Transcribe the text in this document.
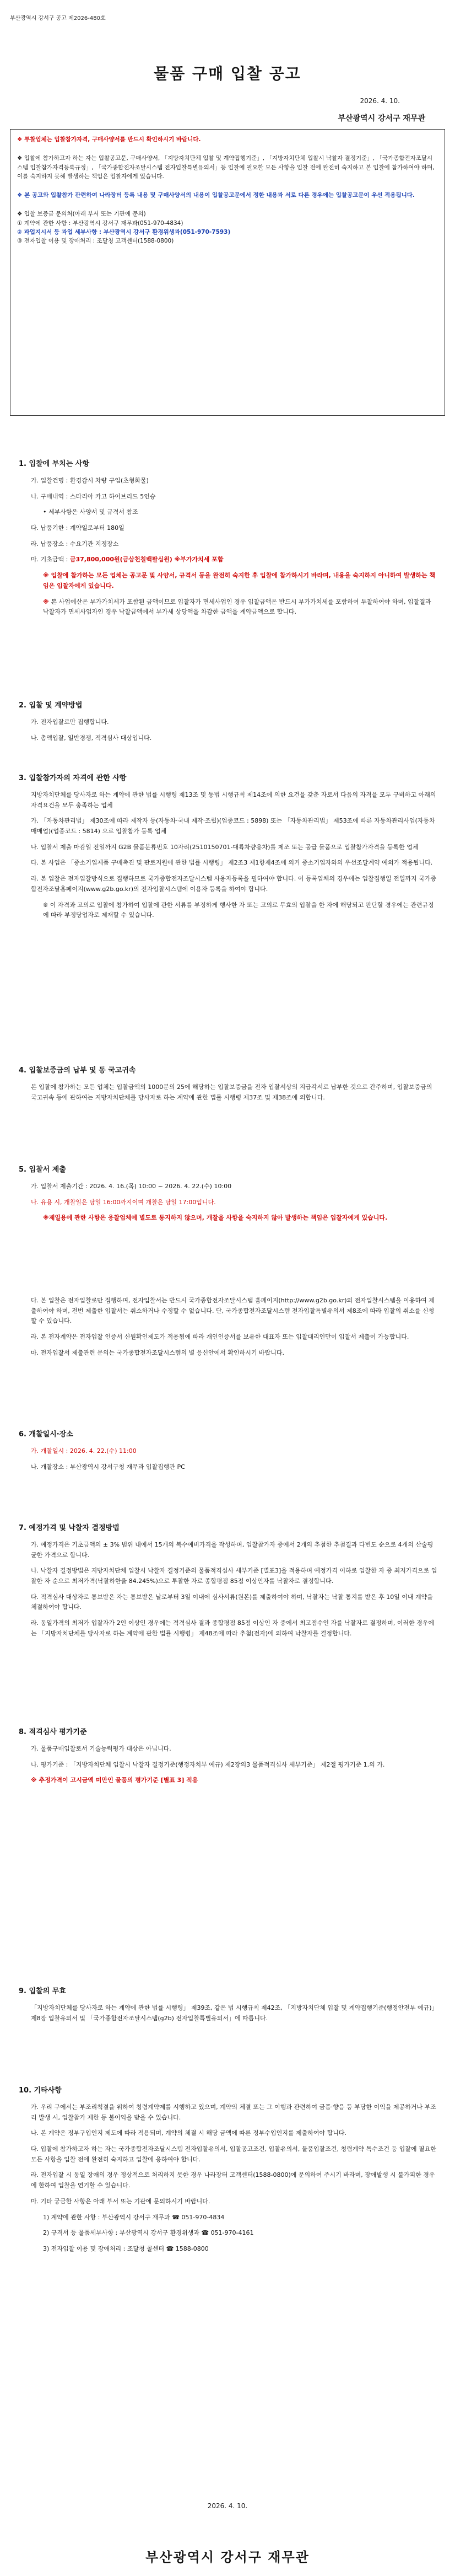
부산광역시 강서구 공고 제2026-480호
물품 구매 입찰 공고
2026. 4. 10.
부산광역시 강서구 재무관

❖ 투찰업체는 입찰참가자격, 구매사양서를 반드시 확인하시기 바랍니다.

❖ 입찰에 참가하고자 하는 자는 입찰공고문, 구매사양서, 「지방자치단체 입찰 및 계약집행기준」, 「지방자치단체 입찰시 낙찰자 결정기준」, 「국가종합전자조달시스템 입찰참가자격등록규정」, 「국가종합전자조달시스템 전자입찰특별유의서」등 입찰에 필요한 모든 사항을 입찰 전에 완전히 숙지하고 본 입찰에 참가하여야 하며, 이를 숙지하지 못해 발생하는 책임은 입찰자에게 있습니다.

❖ 본 공고와 입찰참가 관련하여 나라장터 등록 내용 및 구매사양서의 내용이 입찰공고문에서 정한 내용과 서로 다른 경우에는 입찰공고문이 우선 적용됩니다.

❖ 입찰 보증금 문의처(아래 부서 또는 기관에 문의)
① 계약에 관한 사항 : 부산광역시 강서구 재무과(051-970-4834)
② 과업지시서 등 과업 세부사항 : 부산광역시 강서구 환경위생과(051-970-7593)
③ 전자입찰 이용 및 장애처리 : 조달청 고객센터(1588-0800)

1. 입찰에 부치는 사항

가. 입찰건명 : 환경감시 차량 구입(초형화물)

나. 구매내역 : 스타리아 카고 하이브리드 5인승

• 세부사항은 사양서 및 규격서 참조

다. 납품기한 : 계약일로부터 180일

라. 납품장소 : 수요기관 지정장소

마. 기초금액 : 금37,800,000원(금삼천칠백팔십원) ※부가가치세 포함

※ 입찰에 참가하는 모든 업체는 공고문 및 사양서, 규격서 등을 완전히 숙지한 후 입찰에 참가하시기 바라며, 내용을 숙지하지 아니하여 발생하는 책임은 입찰자에게 있습니다.

※ 본 사업예산은 부가가치세가 포함된 금액이므로 입찰자가 면세사업인 경우 입찰금액은 반드시 부가가치세를 포함하여 투찰하여야 하며, 입찰결과 낙찰자가 면세사업자인 경우 낙찰금액에서 부가세 상당액을 차감한 금액을 계약금액으로 합니다.

2. 입찰 및 계약방법

가. 전자입찰로만 집행합니다.

나. 총액입찰, 일반경쟁, 적격심사 대상입니다.

3. 입찰참가자의 자격에 관한 사항

지방자치단체를 당사자로 하는 계약에 관한 법률 시행령 제13조 및 동법 시행규칙 제14조에 의한 요건을 갖춘 자로서 다음의 자격을 모두 구비하고 아래의 자격요건을 모두 충족하는 업체

가. 「자동차관리법」 제30조에 따라 제작자 등(자동차·국내 제작·조립)(업종코드 : 5898) 또는 「자동차관리법」 제53조에 따른 자동차관리사업(자동차매매업)(업종코드 : 5814) 으로 입찰참가 등록 업체

나. 입찰서 제출 마감일 전일까지 G2B 물품분류번호 10자리(2510150701-대륙차량용차)를 제조 또는 공급 물품으로 입찰참가자격을 등록한 업체

다. 본 사업은 「중소기업제품 구매촉진 및 판로지원에 관한 법률 시행령」 제2조3 제1항제4조에 의거 중소기업자와의 우선조달계약 예외가 적용됩니다.

라. 본 입찰은 전자입찰방식으로 집행하므로 국가종합전자조달시스템 사용자등록을 필하여야 합니다. 이 등록업체의 경우에는 입찰집행일 전일까지 국가종합전자조달홈페이지(www.g2b.go.kr)의 전자입찰시스템에 이용자 등록을 하여야 합니다.

※ 이 자격과 고의로 입찰에 참가하여 입찰에 관한 서류를 부정하게 행사한 자 또는 고의로 무효의 입찰을 한 자에 해당되고 판단할 경우에는 관련규정에 따라 부정당업자로 제재할 수 있습니다.

4. 입찰보증금의 납부 및 동 국고귀속

본 입찰에 참가하는 모든 업체는 입찰금액의 1000분의 25에 해당하는 입찰보증금을 전자 입찰서상의 지급각서로 납부한 것으로 간주하며, 입찰보증금의 국고귀속 등에 관하여는 지방자치단체를 당사자로 하는 계약에 관한 법률 시행령 제37조 및 제38조에 의합니다.

5. 입찰서 제출

가. 입찰서 제출기간 : 2026. 4. 16.(목) 10:00 ~ 2026. 4. 22.(수) 10:00

나. 유용 시, 개찰일은 당일 16:00까지이며 개찰은 당일 17:00입니다.

※제일용에 관한 사항은 응찰업체에 별도로 통지하지 않으며, 개찰을 사항을 숙지하지 않아 발생하는 책임은 입찰자에게 있습니다.

다. 본 입찰은 전자입찰로만 집행하며, 전자입찰서는 반드시 국가종합전자조달시스템 홈페이지(http://www.g2b.go.kr)의 전자입찰시스템을 이용하여 제출하여야 하며, 전번 제출한 입찰서는 취소하거나 수정할 수 없습니다. 단, 국가종합전자조달시스템 전자입찰특별유의서 제8조에 따라 입찰의 취소를 신청할 수 있습니다.

라. 본 전자계약은 전자입찰 인증서 신원확인제도가 적용됨에 따라 개인인증서를 보유한 대표자 또는 입찰대리인만이 입찰서 제출이 가능합니다.

마. 전자입찰서 제출관련 문의는 국가종합전자조달시스템의 별 응신안에서 확인하시기 바랍니다.

6. 개찰일시·장소

가. 개찰일시 : 2026. 4. 22.(수) 11:00

나. 개찰장소 : 부산광역시 강서구청 재무과 입찰집행관 PC

7. 예정가격 및 낙찰자 결정방법

가. 예정가격은 기초금액의 ± 3% 범위 내에서 15개의 복수예비가격을 작성하며, 입찰참가자 중에서 2개의 추첨한 추첨결과 다빈도 순으로 4개의 산술평균한 가격으로 합니다.

나. 낙찰자 결정방법은 지방자치단체 입찰시 낙찰자 결정기준의 물품적격심사 세부기준 [별표3]을 적용하며 예정가격 이하로 입찰한 자 중 최저가격으로 입찰한 자 순으로 최저가격(낙찰하한율 84.245%)으로 투찰한 자로 종합평점 85점 이상인자를 낙찰자로 결정합니다.

다. 적격심사 대상자로 통보받은 자는 통보받은 날로부터 3일 이내에 심사서류(원본)를 제출하여야 하며, 낙찰자는 낙찰 통지를 받은 후 10일 이내 계약을 체결하여야 합니다.

라. 동일가격의 최저가 입찰자가 2인 이상인 경우에는 적격심사 결과 종합평점 85점 이상인 자 중에서 최고점수인 자를 낙찰자로 결정하며, 이러한 경우에는 「지방자치단체를 당사자로 하는 계약에 관한 법률 시행령」 제48조에 따라 추첨(전자)에 의하여 낙찰자를 결정합니다.

8. 적격심사 평가기준

가. 물품구매입찰로서 기술능력평가 대상은 아닙니다.

나. 평가기준 : 「지방자치단체 입찰시 낙찰자 결정기준(행정자치부 예규) 제2장의3 물품적격심사 세부기준」 제2절 평가기준 1.의 가.

※ 추정가격이 고시금액 미만인 물품의 평가기준 [별표 3] 적용

9. 입찰의 무효

「지방자치단체를 당사자로 하는 계약에 관한 법률 시행령」 제39조, 같은 법 시행규칙 제42조, 「지방자치단체 입찰 및 계약집행기준(행정안전부 예규)」제8장 입찰유의서 및 「국가종합전자조달시스템(g2b) 전자입찰특별유의서」에 따릅니다.

10. 기타사항

가. 우리 구에서는 부조리척결을 위하여 청렴계약제를 시행하고 있으며, 계약의 체결 또는 그 이행과 관련하여 금품·향응 등 부당한 이익을 제공하거나 부조리 발생 시, 입찰참가 제한 등 불이익을 받을 수 있습니다.

나. 본 계약은 정부구입인지 제도에 따라 적용되며, 계약의 체결 시 해당 금액에 따른 정부수입인지를 제출하여야 합니다.

다. 입찰에 참가하고자 하는 자는 국가종합전자조달시스템 전자입찰유의서, 입찰공고조건, 입찰유의서, 물품입찰조건, 청렴계약 특수조건 등 입찰에 필요한 모든 사항을 입찰 전에 완전히 숙지하고 입찰에 응하여야 합니다.

라. 전자입찰 시 동일 장애의 경우 정상적으로 처리하지 못한 경우 나라장터 고객센터(1588-0800)에 문의하여 주시기 바라며, 장애발생 시 불가피한 경우에 한하여 입찰을 연기할 수 있습니다.

마. 기타 궁금한 사항은 아래 부서 또는 기관에 문의하시기 바랍니다.

1) 계약에 관한 사항 : 부산광역시 강서구 재무과 ☎ 051-970-4834

2) 규격서 등 물품세부사항 : 부산광역시 강서구 환경위생과 ☎ 051-970-4161

3) 전자입찰 이용 및 장애처리 : 조달청 콜센터 ☎ 1588-0800

2026. 4. 10.
부산광역시 강서구 재무관
